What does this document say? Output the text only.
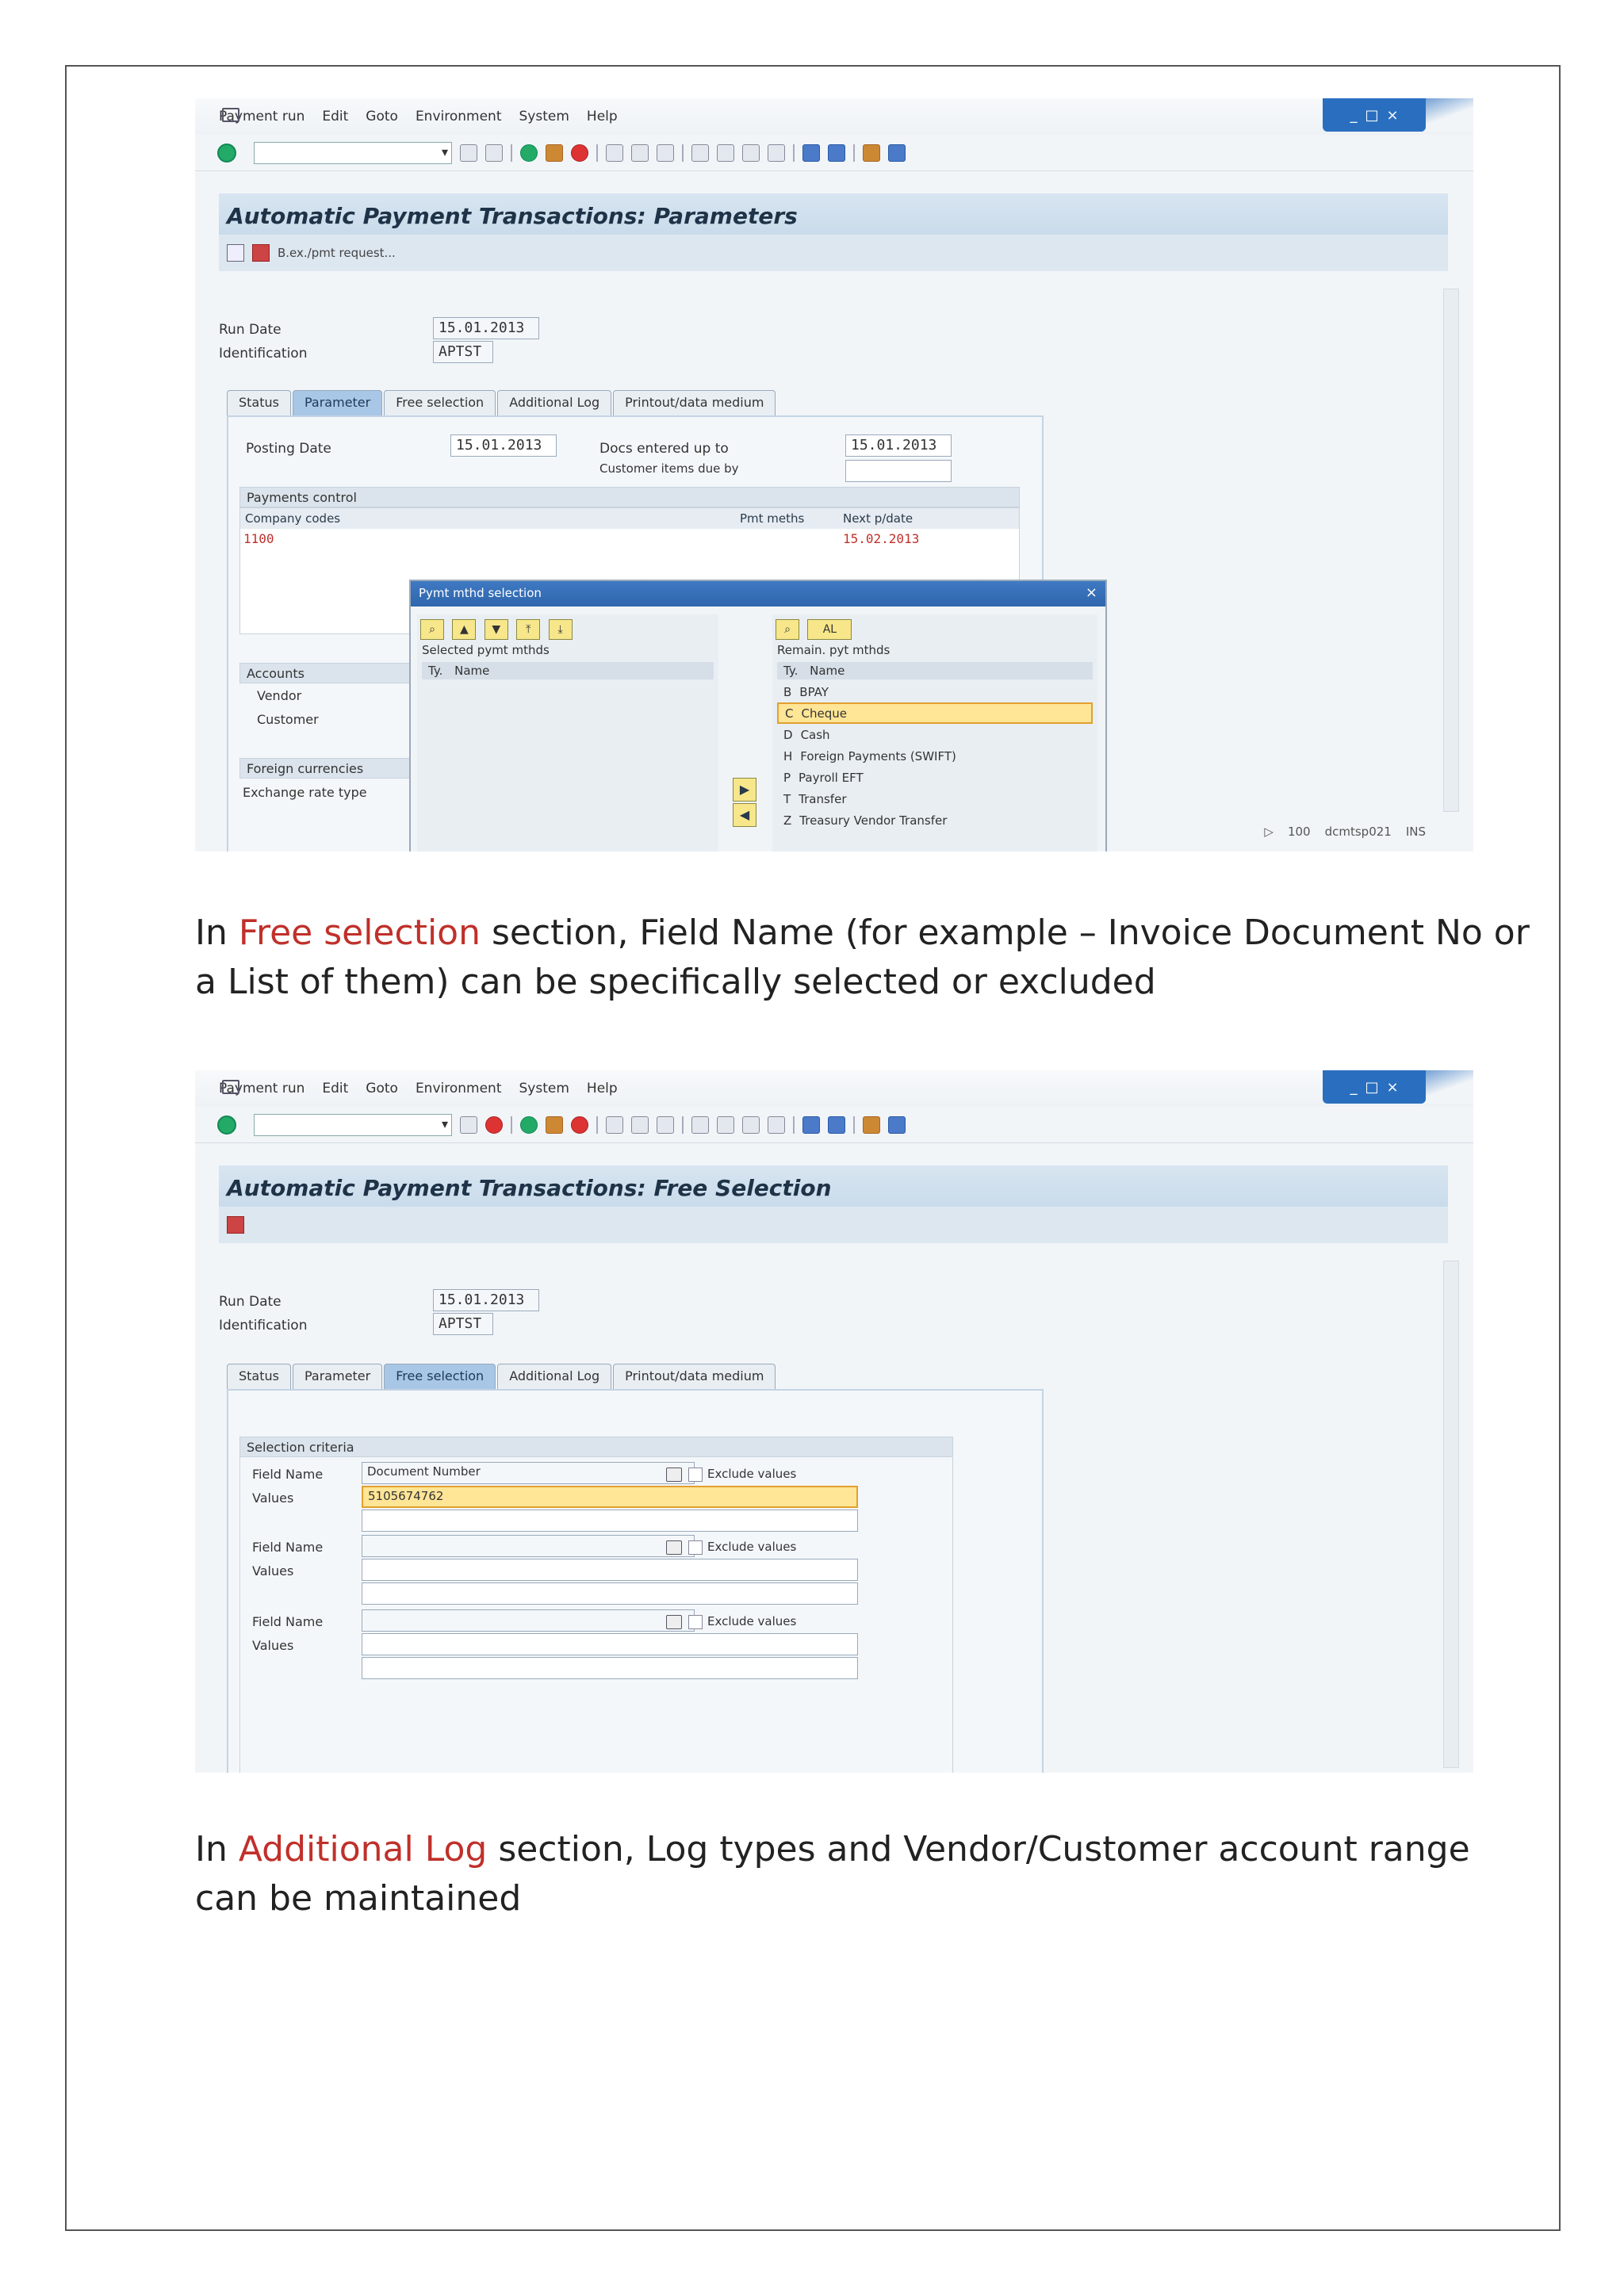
Payment run Edit Goto Environment System Help	_ □ ×
▾
Automatic Payment Transactions: Parameters
B.ex./pmt request...
Run Date	15.01.2013
Identification	APTST
Status	Parameter	Free selection	Additional Log	Printout/data medium
Posting Date	15.01.2013	Docs entered up to	15.01.2013
Customer items due by
Payments control
Company codes	Pmt meths	Next p/date
1100	15.02.2013
Accounts
Vendor
Customer
Foreign currencies
Exchange rate type
Pymt mthd selection	×
⌕ ▲ ▼ ⤒ ⤓
Selected pymt mthds
Ty. Name
▶
◀
⌕	AL
Remain. pyt mthds
Ty. Name
B BPAY
C Cheque
D Cash
H Foreign Payments (SWIFT)
P Payroll EFT
T Transfer
Z Treasury Vendor Transfer
▷ 100 dcmtsp021 INS
In Free selection section, Field Name (for example – Invoice Document No or a List of them) can be specifically selected or excluded
Payment run Edit Goto Environment System Help	_ □ ×
▾
Automatic Payment Transactions: Free Selection
Run Date	15.01.2013
Identification	APTST
Status	Parameter	Free selection	Additional Log	Printout/data medium
Selection criteria
Field Name	Document Number	Exclude values
Values	5105674762
Field Name	Exclude values
Values
Field Name	Exclude values
Values
In Additional Log section, Log types and Vendor/Customer account range can be maintained
